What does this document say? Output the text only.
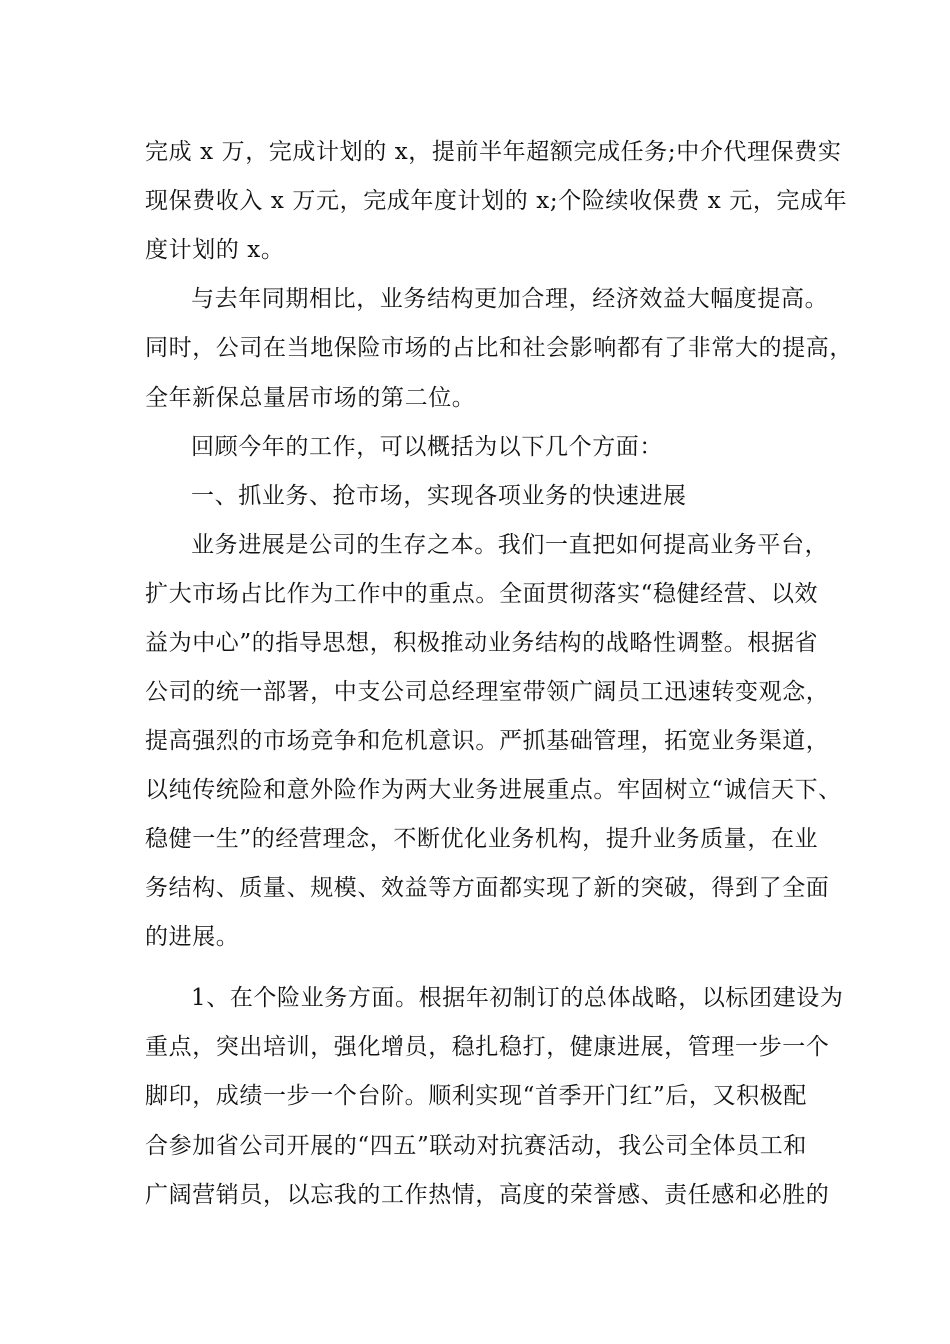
完成 x 万，完成计划的 x，提前半年超额完成任务;中介代理保费实
现保费收入 x 万元，完成年度计划的 x;个险续收保费 x 元，完成年
度计划的 x。
与去年同期相比，业务结构更加合理，经济效益大幅度提高。
同时，公司在当地保险市场的占比和社会影响都有了非常大的提高，
全年新保总量居市场的第二位。
回顾今年的工作，可以概括为以下几个方面：
一、抓业务、抢市场，实现各项业务的快速进展
业务进展是公司的生存之本。我们一直把如何提高业务平台，
扩大市场占比作为工作中的重点。全面贯彻落实“稳健经营、以效
益为中心”的指导思想，积极推动业务结构的战略性调整。根据省
公司的统一部署，中支公司总经理室带领广阔员工迅速转变观念，
提高强烈的市场竞争和危机意识。严抓基础管理，拓宽业务渠道，
以纯传统险和意外险作为两大业务进展重点。牢固树立“诚信天下、
稳健一生”的经营理念，不断优化业务机构，提升业务质量，在业
务结构、质量、规模、效益等方面都实现了新的突破，得到了全面
的进展。
1、在个险业务方面。根据年初制订的总体战略，以标团建设为
重点，突出培训，强化增员，稳扎稳打，健康进展，管理一步一个
脚印，成绩一步一个台阶。顺利实现“首季开门红”后，又积极配
合参加省公司开展的“四五”联动对抗赛活动，我公司全体员工和
广阔营销员，以忘我的工作热情，高度的荣誉感、责任感和必胜的
